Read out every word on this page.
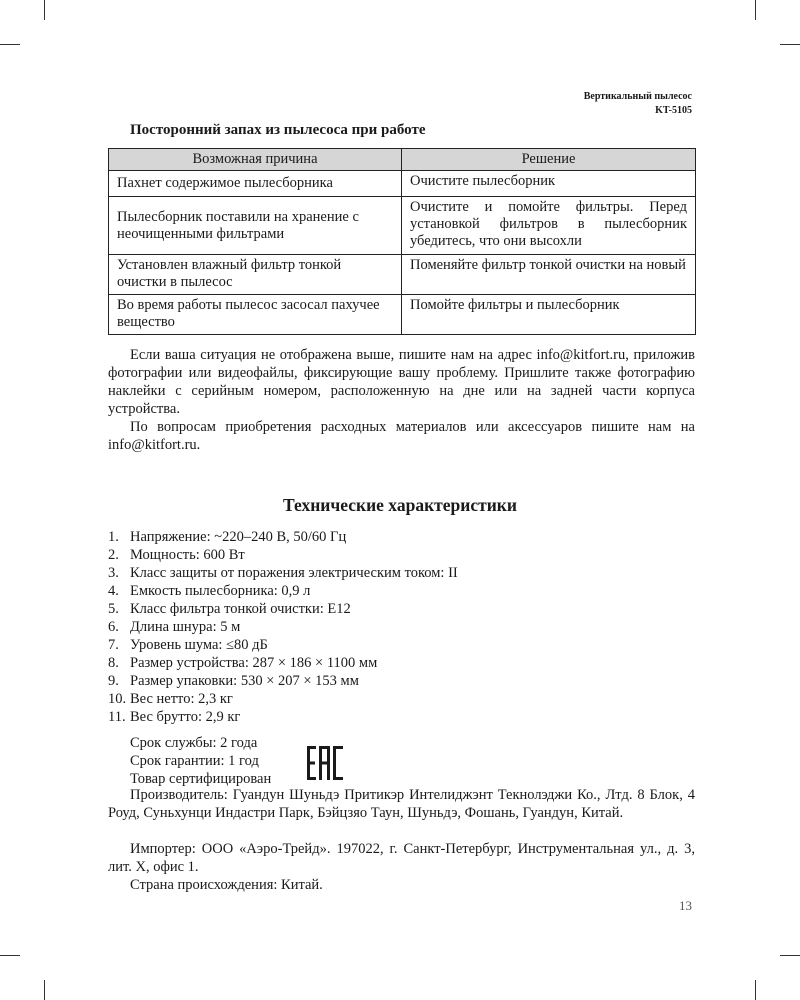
Вертикальный пылесос
KT-5105
Посторонний запах из пылесоса при работе
Возможная причина	Решение
Пахнет содержимое пылесборника	Очистите пылесборник
Пылесборник поставили на хранение с неочищенными фильтрами	Очистите и помойте фильтры. Перед установкой фильтров в пылесборник убедитесь, что они высохли
Установлен влажный фильтр тонкой очистки в пылесос	Поменяйте фильтр тонкой очистки на новый
Во время работы пылесос засосал пахучее вещество	Помойте фильтры и пылесборник

Если ваша ситуация не отображена выше, пишите нам на адрес info@kitfort.ru, приложив фотографии или видеофайлы, фиксирующие вашу проблему. Пришлите также фотографию наклейки с серийным номером, расположенную на дне или на задней части корпуса устройства.

По вопросам приобретения расходных материалов или аксессуаров пишите нам на info@kitfort.ru.

Технические характеристики
1. Напряжение: ~220–240 В, 50/60 Гц
2. Мощность: 600 Вт
3. Класс защиты от поражения электрическим током: II
4. Емкость пылесборника: 0,9 л
5. Класс фильтра тонкой очистки: E12
6. Длина шнура: 5 м
7. Уровень шума: ≤80 дБ
8. Размер устройства: 287 × 186 × 1100 мм
9. Размер упаковки: 530 × 207 × 153 мм
10. Вес нетто: 2,3 кг
11. Вес брутто: 2,9 кг
Срок службы: 2 года
Срок гарантии: 1 год
Товар сертифицирован

Производитель: Гуандун Шуньдэ Притикэр Интелиджэнт Текнолэджи Ко., Лтд. 8 Блок, 4 Роуд, Суньхунци Индастри Парк, Бэйцзяо Таун, Шуньдэ, Фошань, Гуандун, Китай.

Импортер: ООО «Аэро-Трейд». 197022, г. Санкт-Петербург, Инструментальная ул., д. 3, лит. Х, офис 1.

Страна происхождения: Китай.
13
